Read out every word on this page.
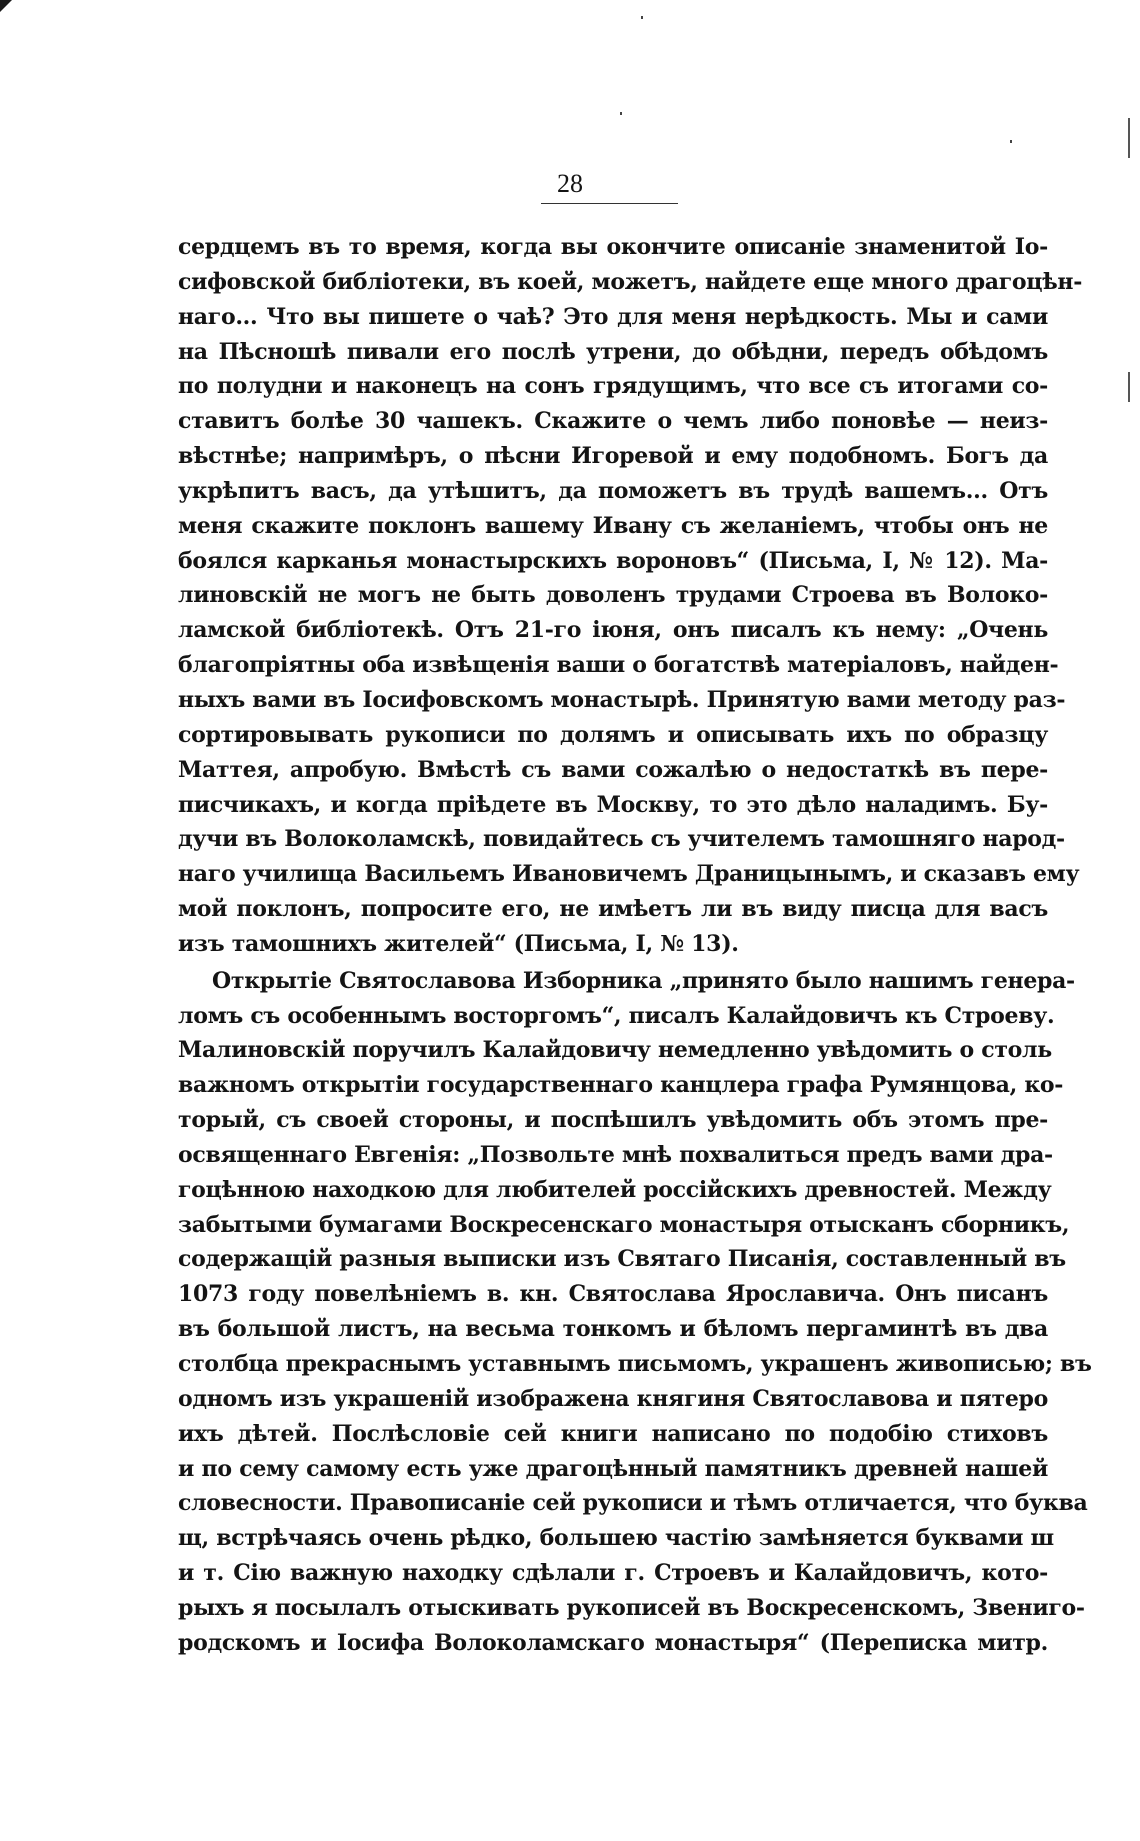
28
сердцемъ въ то время, когда вы окончите описаніе знаменитой Іо-
сифовской библіотеки, въ коей, можетъ, найдете еще много драгоцѣн-
наго... Что вы пишете о чаѣ? Это для меня нерѣдкость. Мы и сами
на Пѣсношѣ пивали его послѣ утрени, до обѣдни, передъ обѣдомъ
по полудни и наконецъ на сонъ грядущимъ, что все съ итогами со-
ставитъ болѣе 30 чашекъ. Скажите о чемъ либо поновѣе — неиз-
вѣстнѣе; напримѣръ, о пѣсни Игоревой и ему подобномъ. Богъ да
укрѣпитъ васъ, да утѣшитъ, да поможетъ въ трудѣ вашемъ... Отъ
меня скажите поклонъ вашему Ивану съ желаніемъ, чтобы онъ не
боялся карканья монастырскихъ вороновъ“ (Письма, I, № 12). Ма-
линовскій не могъ не быть доволенъ трудами Строева въ Волоко-
ламской библіотекѣ. Отъ 21-го іюня, онъ писалъ къ нему: „Очень
благопріятны оба извѣщенія ваши о богатствѣ матеріаловъ, найден-
ныхъ вами въ Іосифовскомъ монастырѣ. Принятую вами методу раз-
сортировывать рукописи по долямъ и описывать ихъ по образцу
Маттея, апробую. Вмѣстѣ съ вами сожалѣю о недостаткѣ въ пере-
писчикахъ, и когда пріѣдете въ Москву, то это дѣло наладимъ. Бу-
дучи въ Волоколамскѣ, повидайтесь съ учителемъ тамошняго народ-
наго училища Васильемъ Ивановичемъ Драницынымъ, и сказавъ ему
мой поклонъ, попросите его, не имѣетъ ли въ виду писца для васъ
изъ тамошнихъ жителей“ (Письма, I, № 13).
Открытіе Святославова Изборника „принято было нашимъ генера-
ломъ съ особеннымъ восторгомъ“, писалъ Калайдовичъ къ Строеву.
Малиновскій поручилъ Калайдовичу немедленно увѣдомить о столь
важномъ открытіи государственнаго канцлера графа Румянцова, ко-
торый, съ своей стороны, и поспѣшилъ увѣдомить объ этомъ пре-
освященнаго Евгенія: „Позвольте мнѣ похвалиться предъ вами дра-
гоцѣнною находкою для любителей россійскихъ древностей. Между
забытыми бумагами Воскресенскаго монастыря отысканъ сборникъ,
содержащій разныя выписки изъ Святаго Писанія, составленный въ
1073 году повелѣніемъ в. кн. Святослава Ярославича. Онъ писанъ
въ большой листъ, на весьма тонкомъ и бѣломъ пергаминтѣ въ два
столбца прекраснымъ уставнымъ письмомъ, украшенъ живописью; въ
одномъ изъ украшеній изображена княгиня Святославова и пятеро
ихъ дѣтей. Послѣсловіе сей книги написано по подобію стиховъ
и по сему самому есть уже драгоцѣнный памятникъ древней нашей
словесности. Правописаніе сей рукописи и тѣмъ отличается, что буква
щ, встрѣчаясь очень рѣдко, большею частію замѣняется буквами ш
и т. Сію важную находку сдѣлали г. Строевъ и Калайдовичъ, кото-
рыхъ я посылалъ отыскивать рукописей въ Воскресенскомъ, Звениго-
родскомъ и Іосифа Волоколамскаго монастыря“ (Переписка митр.
